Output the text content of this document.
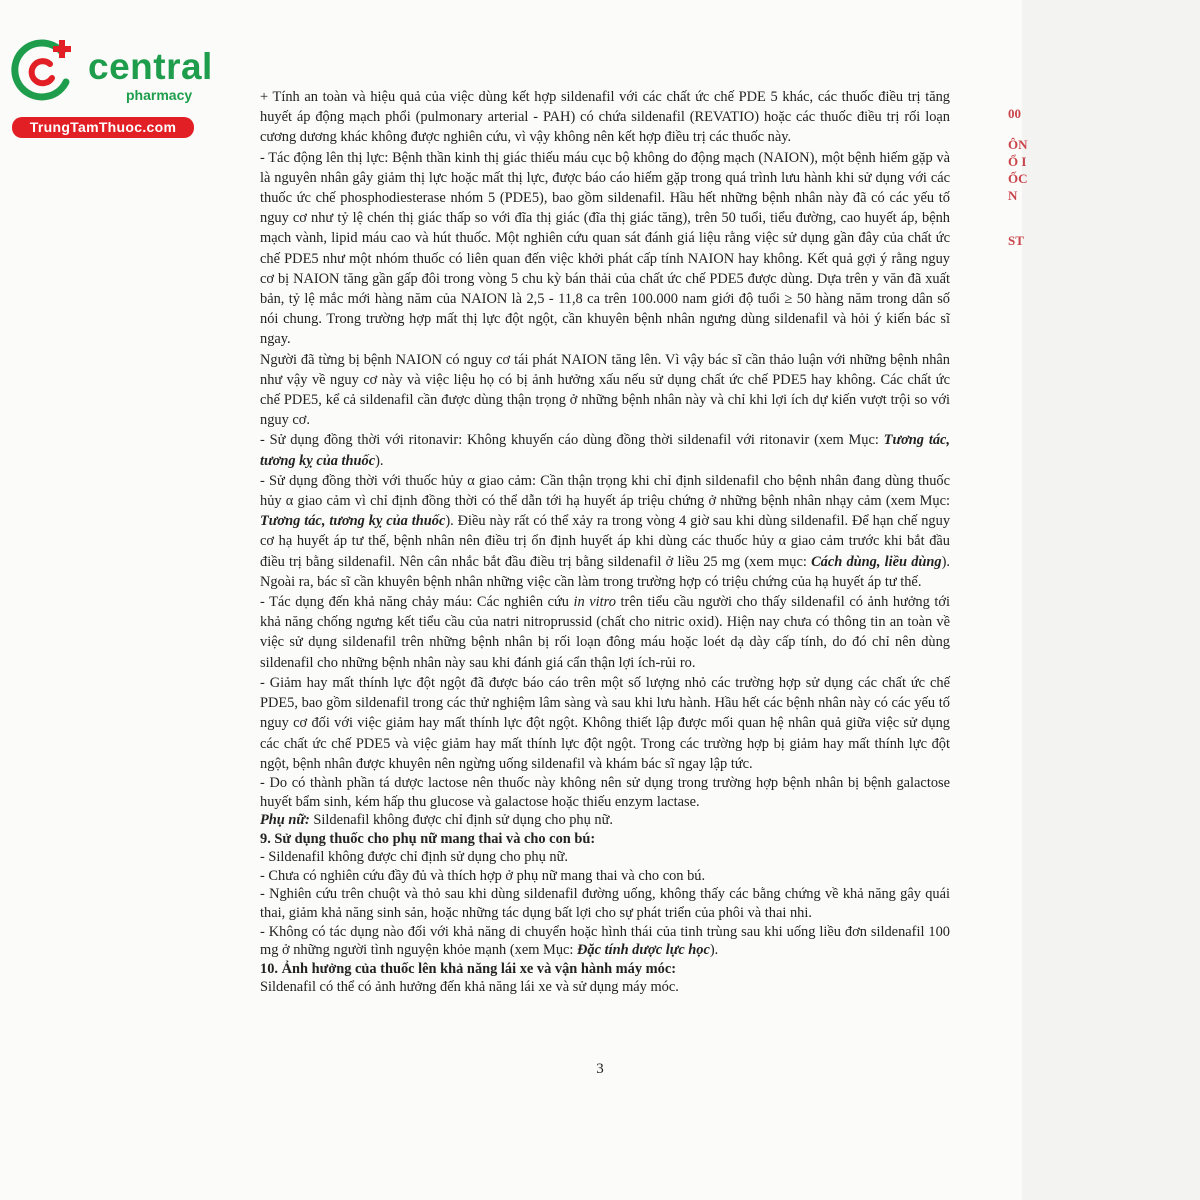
central
pharmacy
TrungTamThuoc.com
00
ÔN
Ổ I
ỐC
N
ST

+ Tính an toàn và hiệu quả của việc dùng kết hợp sildenafil với các chất ức chế PDE 5 khác, các thuốc điều trị tăng huyết áp động mạch phổi (pulmonary arterial - PAH) có chứa sildenafil (REVATIO) hoặc các thuốc điều trị rối loạn cương dương khác không được nghiên cứu, vì vậy không nên kết hợp điều trị các thuốc này.

- Tác động lên thị lực: Bệnh thần kinh thị giác thiếu máu cục bộ không do động mạch (NAION), một bệnh hiếm gặp và là nguyên nhân gây giảm thị lực hoặc mất thị lực, được báo cáo hiếm gặp trong quá trình lưu hành khi sử dụng với các thuốc ức chế phosphodiesterase nhóm 5 (PDE5), bao gồm sildenafil. Hầu hết những bệnh nhân này đã có các yếu tố nguy cơ như tỷ lệ chén thị giác thấp so với đĩa thị giác (đĩa thị giác tăng), trên 50 tuổi, tiểu đường, cao huyết áp, bệnh mạch vành, lipid máu cao và hút thuốc. Một nghiên cứu quan sát đánh giá liệu rằng việc sử dụng gần đây của chất ức chế PDE5 như một nhóm thuốc có liên quan đến việc khởi phát cấp tính NAION hay không. Kết quả gợi ý rằng nguy cơ bị NAION tăng gần gấp đôi trong vòng 5 chu kỳ bán thải của chất ức chế PDE5 được dùng. Dựa trên y văn đã xuất bản, tỷ lệ mắc mới hàng năm của NAION là 2,5 - 11,8 ca trên 100.000 nam giới độ tuổi ≥ 50 hàng năm trong dân số nói chung. Trong trường hợp mất thị lực đột ngột, cần khuyên bệnh nhân ngưng dùng sildenafil và hỏi ý kiến bác sĩ ngay.

Người đã từng bị bệnh NAION có nguy cơ tái phát NAION tăng lên. Vì vậy bác sĩ cần thảo luận với những bệnh nhân như vậy về nguy cơ này và việc liệu họ có bị ảnh hưởng xấu nếu sử dụng chất ức chế PDE5 hay không. Các chất ức chế PDE5, kể cả sildenafil cần được dùng thận trọng ở những bệnh nhân này và chỉ khi lợi ích dự kiến vượt trội so với nguy cơ.

- Sử dụng đồng thời với ritonavir: Không khuyến cáo dùng đồng thời sildenafil với ritonavir (xem Mục: Tương tác, tương kỵ của thuốc).

- Sử dụng đồng thời với thuốc hủy α giao cảm: Cần thận trọng khi chỉ định sildenafil cho bệnh nhân đang dùng thuốc hủy α giao cảm vì chỉ định đồng thời có thể dẫn tới hạ huyết áp triệu chứng ở những bệnh nhân nhạy cảm (xem Mục: Tương tác, tương kỵ của thuốc). Điều này rất có thể xảy ra trong vòng 4 giờ sau khi dùng sildenafil. Để hạn chế nguy cơ hạ huyết áp tư thế, bệnh nhân nên điều trị ổn định huyết áp khi dùng các thuốc hủy α giao cảm trước khi bắt đầu điều trị bằng sildenafil. Nên cân nhắc bắt đầu điều trị bằng sildenafil ở liều 25 mg (xem mục: Cách dùng, liều dùng). Ngoài ra, bác sĩ cần khuyên bệnh nhân những việc cần làm trong trường hợp có triệu chứng của hạ huyết áp tư thế.

- Tác dụng đến khả năng chảy máu: Các nghiên cứu in vitro trên tiểu cầu người cho thấy sildenafil có ảnh hưởng tới khả năng chống ngưng kết tiểu cầu của natri nitroprussid (chất cho nitric oxid). Hiện nay chưa có thông tin an toàn về việc sử dụng sildenafil trên những bệnh nhân bị rối loạn đông máu hoặc loét dạ dày cấp tính, do đó chỉ nên dùng sildenafil cho những bệnh nhân này sau khi đánh giá cẩn thận lợi ích-rủi ro.

- Giảm hay mất thính lực đột ngột đã được báo cáo trên một số lượng nhỏ các trường hợp sử dụng các chất ức chế PDE5, bao gồm sildenafil trong các thử nghiệm lâm sàng và sau khi lưu hành. Hầu hết các bệnh nhân này có các yếu tố nguy cơ đối với việc giảm hay mất thính lực đột ngột. Không thiết lập được mối quan hệ nhân quả giữa việc sử dụng các chất ức chế PDE5 và việc giảm hay mất thính lực đột ngột. Trong các trường hợp bị giảm hay mất thính lực đột ngột, bệnh nhân được khuyên nên ngừng uống sildenafil và khám bác sĩ ngay lập tức.

- Do có thành phần tá dược lactose nên thuốc này không nên sử dụng trong trường hợp bệnh nhân bị bệnh galactose huyết bẩm sinh, kém hấp thu glucose và galactose hoặc thiếu enzym lactase.

Phụ nữ: Sildenafil không được chỉ định sử dụng cho phụ nữ.

9. Sử dụng thuốc cho phụ nữ mang thai và cho con bú:

- Sildenafil không được chỉ định sử dụng cho phụ nữ.

- Chưa có nghiên cứu đầy đủ và thích hợp ở phụ nữ mang thai và cho con bú.

- Nghiên cứu trên chuột và thỏ sau khi dùng sildenafil đường uống, không thấy các bằng chứng về khả năng gây quái thai, giảm khả năng sinh sản, hoặc những tác dụng bất lợi cho sự phát triển của phôi và thai nhi.

- Không có tác dụng nào đối với khả năng di chuyển hoặc hình thái của tinh trùng sau khi uống liều đơn sildenafil 100 mg ở những người tình nguyện khỏe mạnh (xem Mục: Đặc tính dược lực học).

10. Ảnh hưởng của thuốc lên khả năng lái xe và vận hành máy móc:

Sildenafil có thể có ảnh hưởng đến khả năng lái xe và sử dụng máy móc.

3
